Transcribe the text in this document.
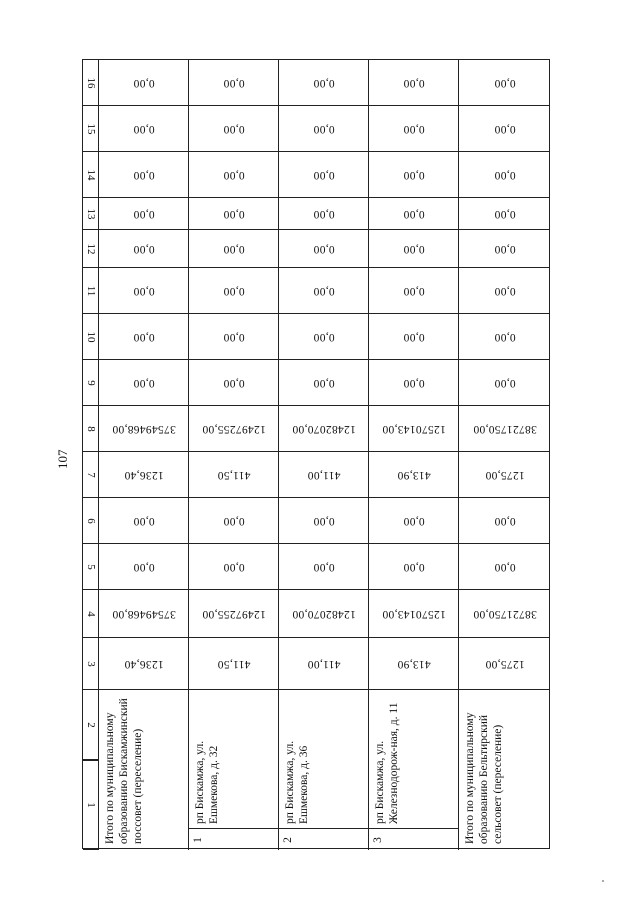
107
1
2
3
4
5
6
7
8
9
10
11
12
13
14
15
16
1236,40
37549468,00
0,00
0,00
1236,40
37549468,00
0,00
0,00
0,00
0,00
0,00
0,00
0,00
0,00
Итого по муниципальному образованию Бискамжинский поссовет (переселение)
411,50
12497255,00
0,00
0,00
411,50
12497255,00
0,00
0,00
0,00
0,00
0,00
0,00
0,00
0,00
рп Бискамжа, ул. Ешмекова, д. 32
1
411,00
12482070,00
0,00
0,00
411,00
12482070,00
0,00
0,00
0,00
0,00
0,00
0,00
0,00
0,00
рп Бискамжа, ул. Ешмекова, д. 36
2
413,90
12570143,00
0,00
0,00
413,90
12570143,00
0,00
0,00
0,00
0,00
0,00
0,00
0,00
0,00
рп Бискамжа, ул. Железнодорож-ная, д. 11
3
1275,00
38721750,00
0,00
0,00
1275,00
38721750,00
0,00
0,00
0,00
0,00
0,00
0,00
0,00
0,00
Итого по муниципальному образованию Бельтирский сельсовет (переселение)
